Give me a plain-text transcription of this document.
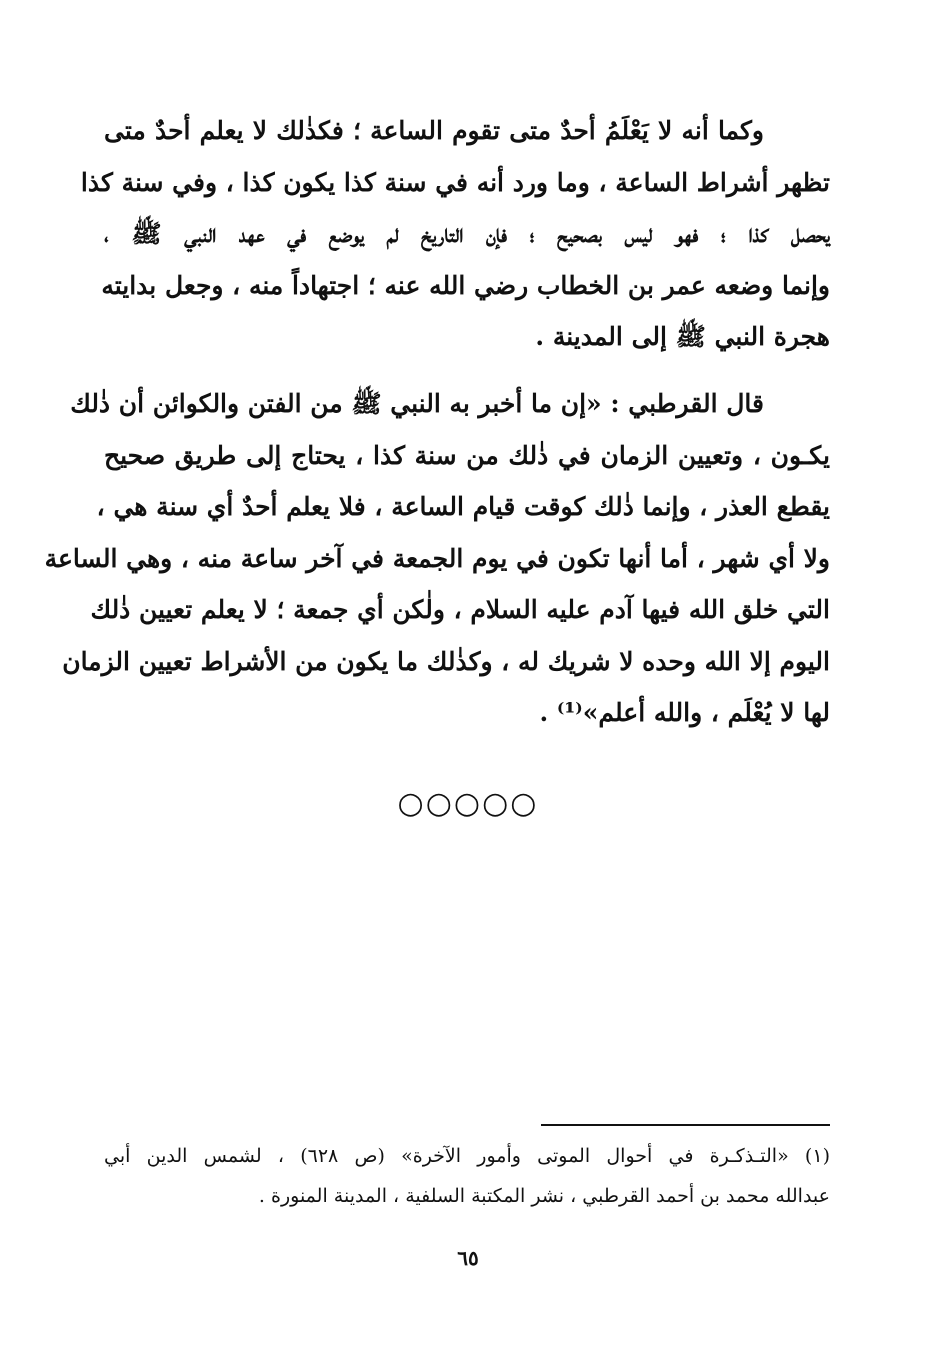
وكما أنه لا يَعْلَمُ أحدٌ متى تقوم الساعة ؛ فكذٰلك لا يعلم أحدٌ متى
تظهر أشراط الساعة ، وما ورد أنه في سنة كذا يكون كذا ، وفي سنة كذا
يحصل كذا ؛ فهو ليس بصحيح ؛ فإن التاريخ لم يوضع في عهد النبي ﷺ ،
وإنما وضعه عمر بن الخطاب رضي الله عنه ؛ اجتهاداً منه ، وجعل بدايته
هجرة النبي ﷺ إلى المدينة .
قال القرطبي : «إن ما أخبر به النبي ﷺ من الفتن والكوائن أن ذٰلك
يكـون ، وتعيين الزمان في ذٰلك من سنة كذا ، يحتاج إلى طريق صحيح
يقطع العذر ، وإنما ذٰلك كوقت قيام الساعة ، فلا يعلم أحدٌ أي سنة هي ،
ولا أي شهر ، أما أنها تكون في يوم الجمعة في آخر ساعة منه ، وهي الساعة
التي خلق الله فيها آدم عليه السلام ، ولٰكن أي جمعة ؛ لا يعلم تعيين ذٰلك
اليوم إلا الله وحده لا شريك له ، وكذٰلك ما يكون من الأشراط تعيين الزمان
لها لا يُعْلَم ، والله أعلم»⁽¹⁾ .
○○○○○
(١) «التـذكـرة في أحوال الموتى وأمور الآخرة» (ص ٦٢٨) ، لشمس الدين أبي
عبدالله محمد بن أحمد القرطبي ، نشر المكتبة السلفية ، المدينة المنورة .
٦٥
